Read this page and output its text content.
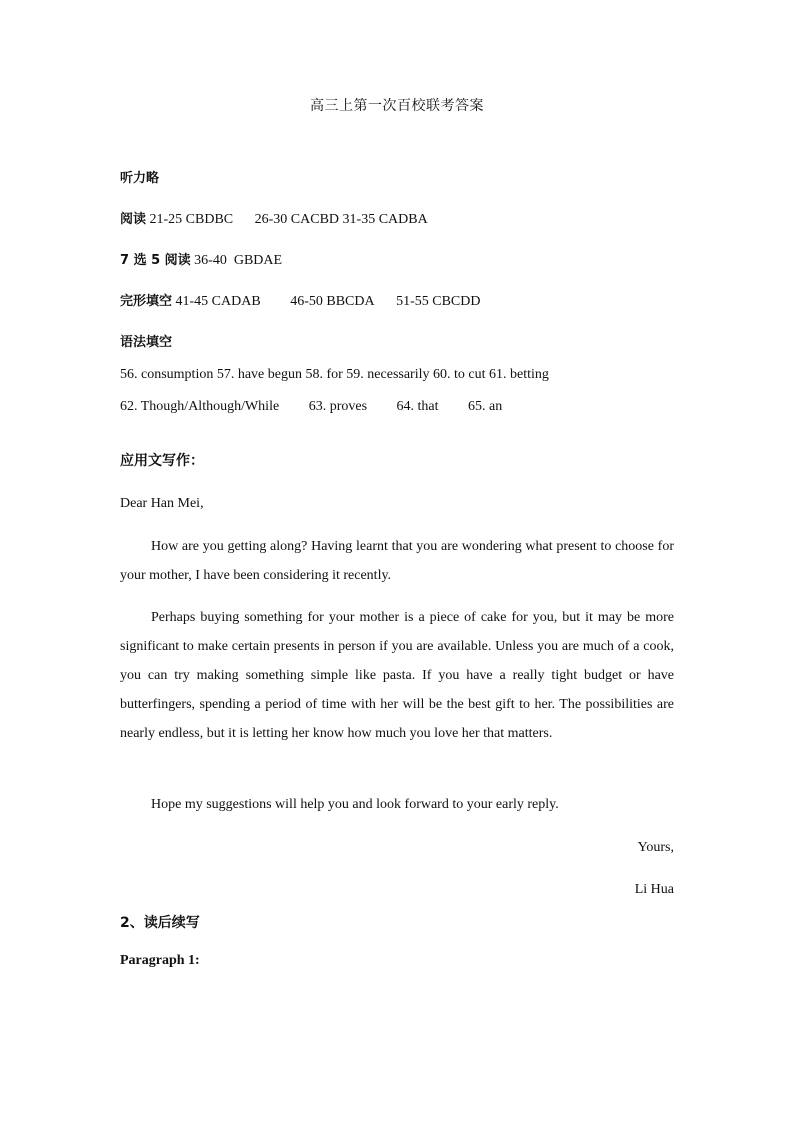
高三上第一次百校联考答案
听力略
阅读 21-25 CBDBC 26-30 CACBD 31-35 CADBA
7 选 5 阅读 36-40  GBDAE
完形填空 41-45 CADAB 46-50 BBCDA 51-55 CBCDD
语法填空
56. consumption 57. have begun 58. for 59. necessarily 60. to cut 61. betting
62. Though/Although/While 63. proves 64. that 65. an
应用文写作：
Dear Han Mei,
How are you getting along? Having learnt that you are wondering what present to choose for your mother, I have been considering it recently.
Perhaps buying something for your mother is a piece of cake for you, but it may be more significant to make certain presents in person if you are available. Unless you are much of a cook, you can try making something simple like pasta. If you have a really tight budget or have butterfingers, spending a period of time with her will be the best gift to her. The possibilities are nearly endless, but it is letting her know how much you love her that matters.
Hope my suggestions will help you and look forward to your early reply.
Yours,
Li Hua
2、读后续写
Paragraph 1:
